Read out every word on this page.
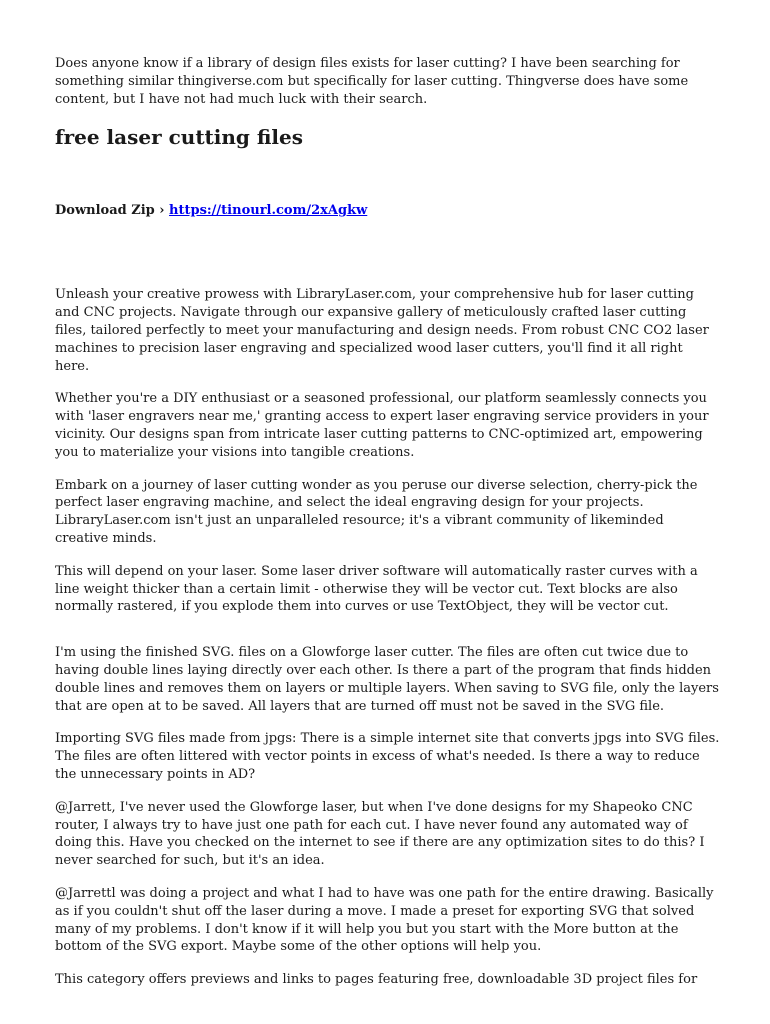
Does anyone know if a library of design files exists for laser cutting? I have been searching for something similar thingiverse.com but specifically for laser cutting. Thingverse does have some content, but I have not had much luck with their search.

free laser cutting files
Download Zip › https://tinourl.com/2xAgkw

Unleash your creative prowess with LibraryLaser.com, your comprehensive hub for laser cutting and CNC projects. Navigate through our expansive gallery of meticulously crafted laser cutting files, tailored perfectly to meet your manufacturing and design needs. From robust CNC CO2 laser machines to precision laser engraving and specialized wood laser cutters, you'll find it all right here.

Whether you're a DIY enthusiast or a seasoned professional, our platform seamlessly connects you with 'laser engravers near me,' granting access to expert laser engraving service providers in your vicinity. Our designs span from intricate laser cutting patterns to CNC-optimized art, empowering you to materialize your visions into tangible creations.

Embark on a journey of laser cutting wonder as you peruse our diverse selection, cherry-pick the perfect laser engraving machine, and select the ideal engraving design for your projects. LibraryLaser.com isn't just an unparalleled resource; it's a vibrant community of likeminded creative minds.

This will depend on your laser. Some laser driver software will automatically raster curves with a line weight thicker than a certain limit - otherwise they will be vector cut. Text blocks are also normally rastered, if you explode them into curves or use TextObject, they will be vector cut.

I'm using the finished SVG. files on a Glowforge laser cutter. The files are often cut twice due to having double lines laying directly over each other. Is there a part of the program that finds hidden double lines and removes them on layers or multiple layers. When saving to SVG file, only the layers that are open at to be saved. All layers that are turned off must not be saved in the SVG file.

Importing SVG files made from jpgs: There is a simple internet site that converts jpgs into SVG files. The files are often littered with vector points in excess of what's needed. Is there a way to reduce the unnecessary points in AD?

@Jarrett, I've never used the Glowforge laser, but when I've done designs for my Shapeoko CNC router, I always try to have just one path for each cut. I have never found any automated way of doing this. Have you checked on the internet to see if there are any optimization sites to do this? I never searched for such, but it's an idea.

@Jarrettl was doing a project and what I had to have was one path for the entire drawing. Basically as if you couldn't shut off the laser during a move. I made a preset for exporting SVG that solved many of my problems. I don't know if it will help you but you start with the More button at the bottom of the SVG export. Maybe some of the other options will help you.

This category offers previews and links to pages featuring free, downloadable 3D project files for
